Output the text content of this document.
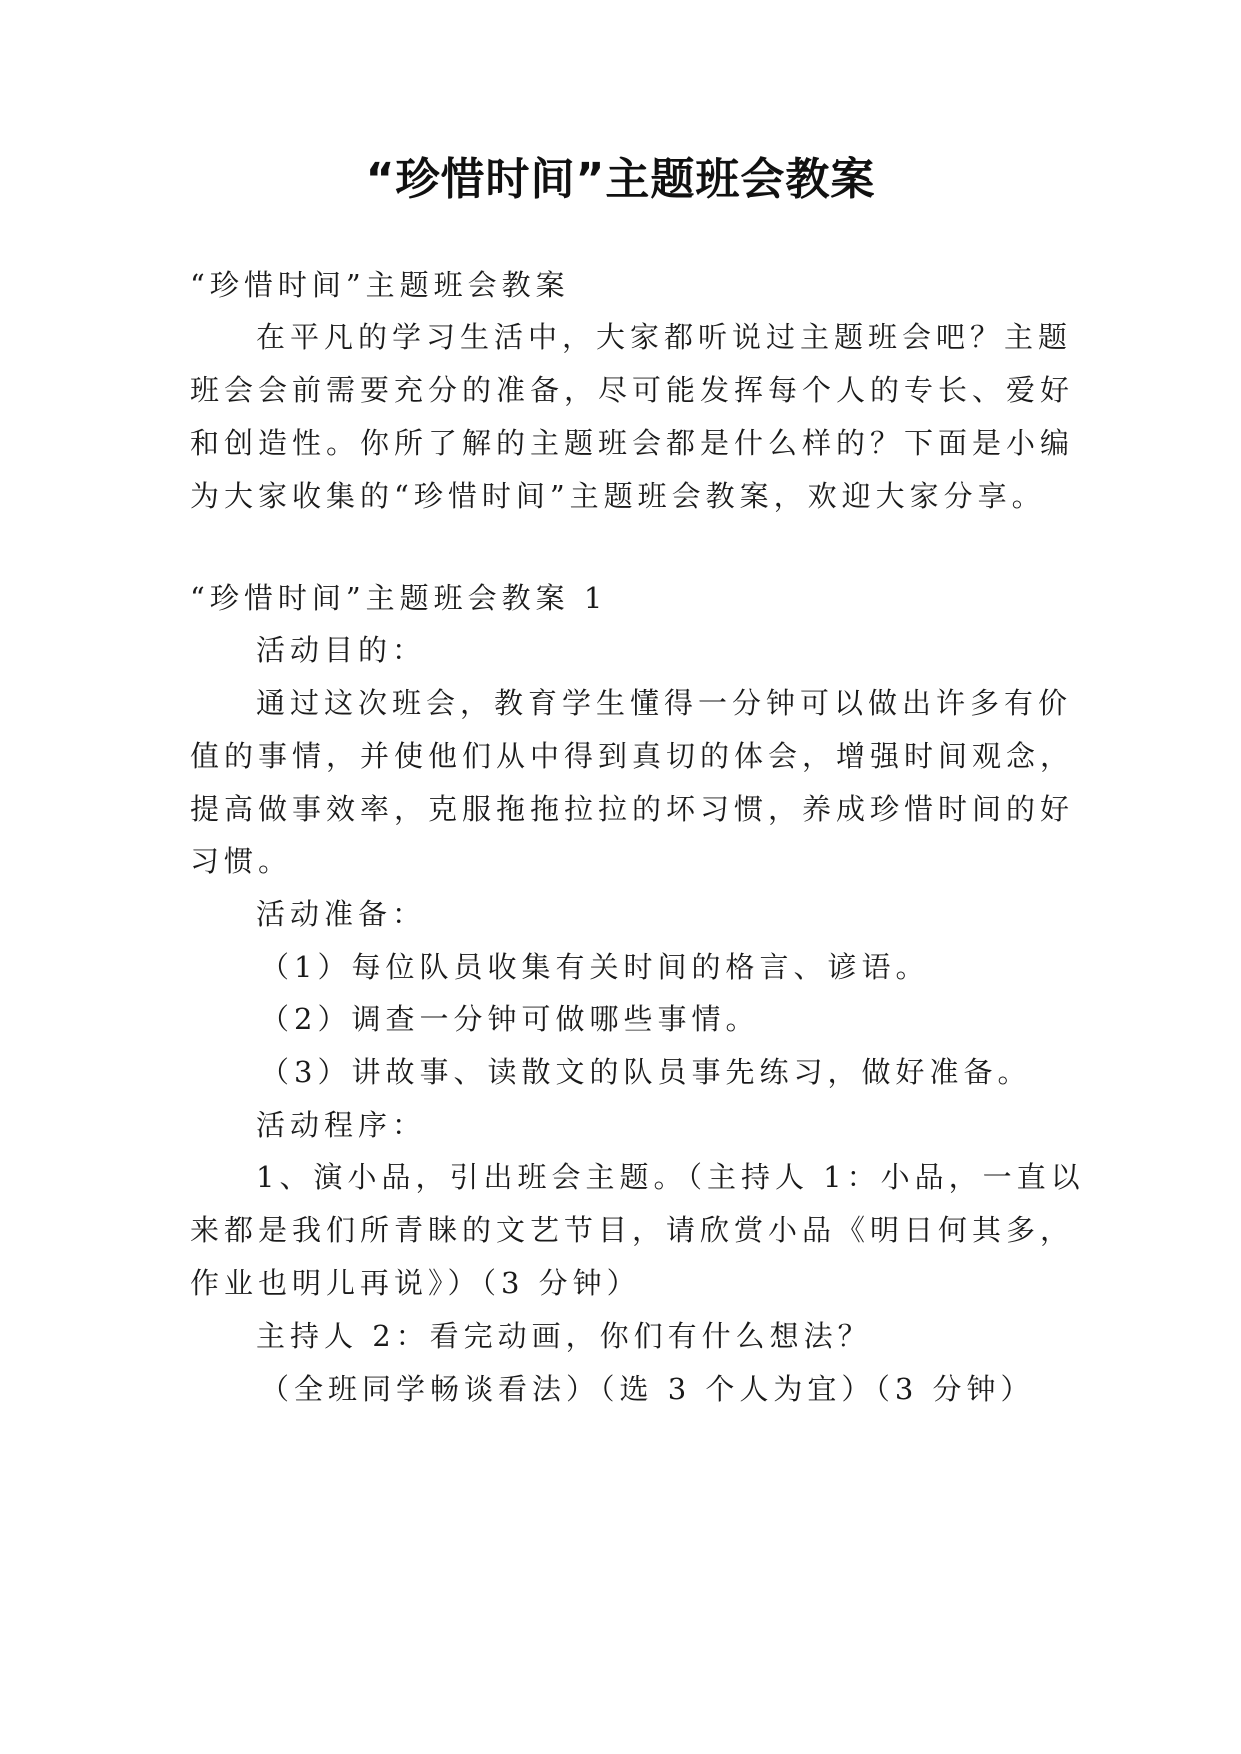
“珍惜时间”主题班会教案
“珍惜时间”主题班会教案
在平凡的学习生活中，大家都听说过主题班会吧？主题
班会会前需要充分的准备，尽可能发挥每个人的专长、爱好
和创造性。你所了解的主题班会都是什么样的？下面是小编
为大家收集的“珍惜时间”主题班会教案，欢迎大家分享。
“珍惜时间”主题班会教案 1
活动目的：
通过这次班会，教育学生懂得一分钟可以做出许多有价
值的事情，并使他们从中得到真切的体会，增强时间观念，
提高做事效率，克服拖拖拉拉的坏习惯，养成珍惜时间的好
习惯。
活动准备：
（1）每位队员收集有关时间的格言、谚语。
（2）调查一分钟可做哪些事情。
（3）讲故事、读散文的队员事先练习，做好准备。
活动程序：
1、演小品，引出班会主题。（主持人 1：小品，一直以
来都是我们所青睐的文艺节目，请欣赏小品《明日何其多，
作业也明儿再说》）（3 分钟）
主持人 2：看完动画，你们有什么想法？
（全班同学畅谈看法）（选 3 个人为宜）（3 分钟）
